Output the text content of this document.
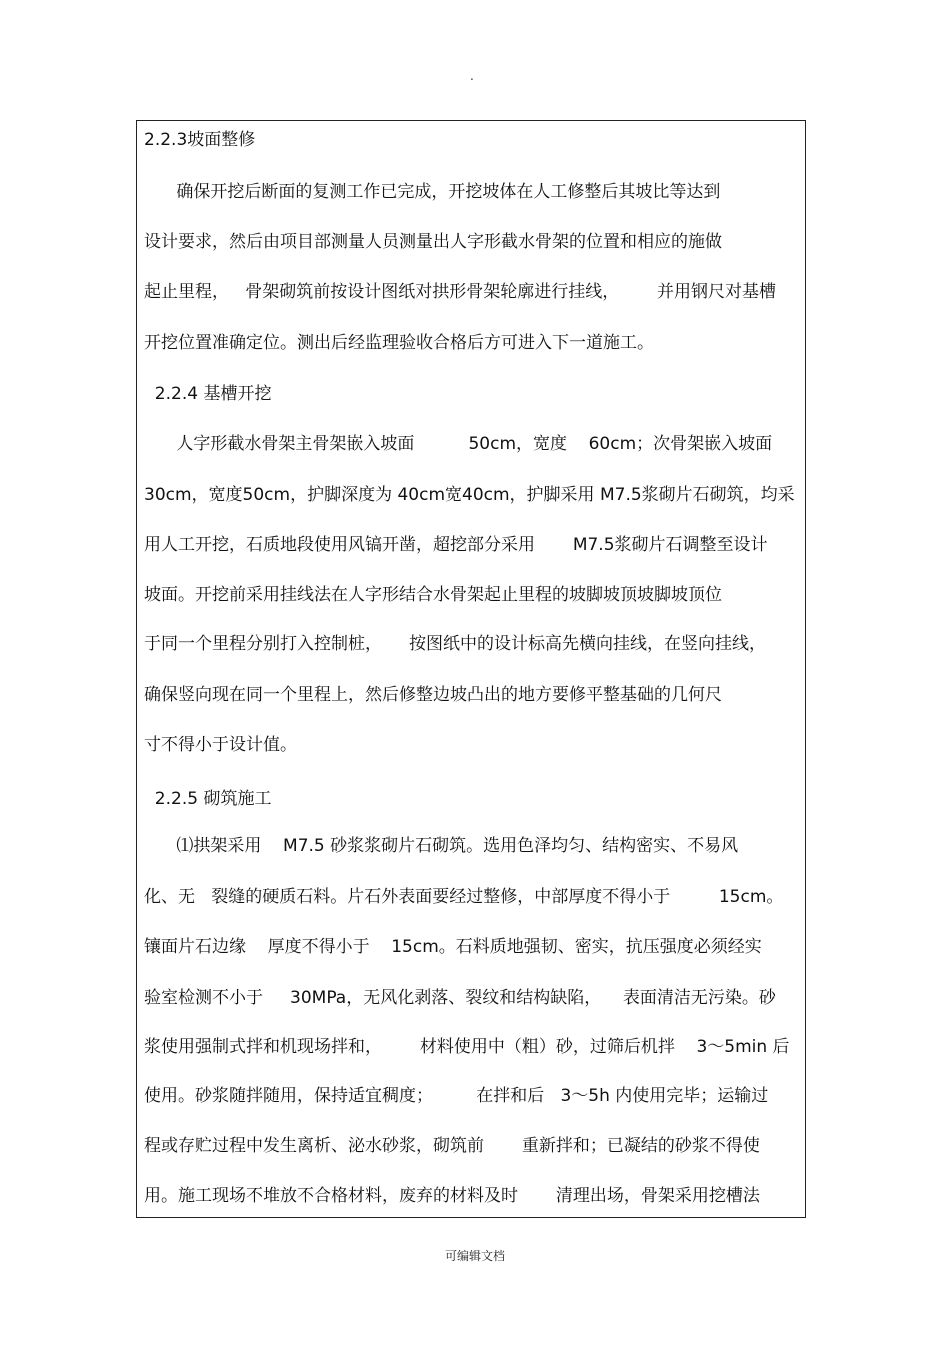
.
2.2.3坡面整修
确保开挖后断面的复测工作已完成，开挖坡体在人工修整后其坡比等达到
设计要求，然后由项目部测量人员测量出人字形截水骨架的位置和相应的施做
起止里程，   骨架砌筑前按设计图纸对拱形骨架轮廓进行挂线，       并用钢尺对基槽
开挖位置准确定位。测出后经监理验收合格后方可进入下一道施工。
2.2.4 基槽开挖
人字形截水骨架主骨架嵌入坡面          50cm，宽度    60cm；次骨架嵌入坡面
30cm，宽度50cm，护脚深度为 40cm宽40cm，护脚采用 M7.5浆砌片石砌筑，均采
用人工开挖，石质地段使用风镐开凿，超挖部分采用       M7.5浆砌片石调整至设计
坡面。开挖前采用挂线法在人字形结合水骨架起止里程的坡脚坡顶坡脚坡顶位
于同一个里程分别打入控制桩，     按图纸中的设计标高先横向挂线，在竖向挂线，
确保竖向现在同一个里程上，然后修整边坡凸出的地方要修平整基础的几何尺
寸不得小于设计值。
2.2.5 砌筑施工
⑴拱架采用    M7.5 砂浆浆砌片石砌筑。选用色泽均匀、结构密实、不易风
化、无   裂缝的硬质石料。片石外表面要经过整修，中部厚度不得小于         15cm。
镶面片石边缘    厚度不得小于    15cm。石料质地强韧、密实，抗压强度必须经实
验室检测不小于     30MPa，无风化剥落、裂纹和结构缺陷，    表面清洁无污染。砂
浆使用强制式拌和机现场拌和，       材料使用中（粗）砂，过筛后机拌    3～5min 后
使用。砂浆随拌随用，保持适宜稠度；        在拌和后   3～5h 内使用完毕；运输过
程或存贮过程中发生离析、泌水砂浆，砌筑前       重新拌和；已凝结的砂浆不得使
用。施工现场不堆放不合格材料，废弃的材料及时       清理出场，骨架采用挖槽法
可编辑文档
